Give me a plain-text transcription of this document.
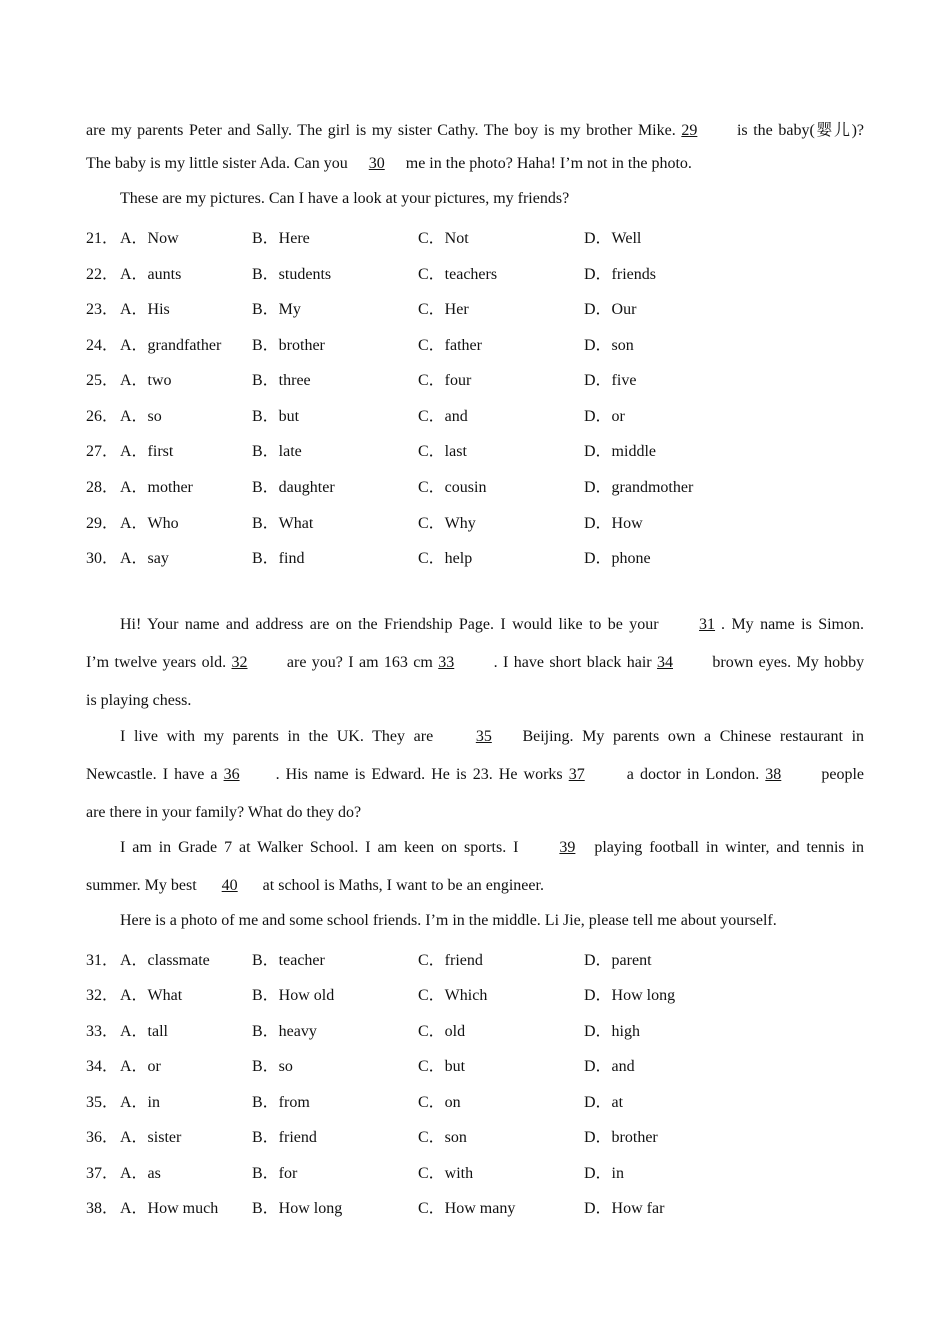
are my parents Peter and Sally. The girl is my sister Cathy. The boy is my brother Mike. 29 is the baby(婴儿)?

The baby is my little sister Ada. Can you 30 me in the photo? Haha! I’m not in the photo.

These are my pictures. Can I have a look at your pictures, my friends?

21． A．Now	B．Here	C．Not	D．Well
22． A．aunts	B．students	C．teachers	D．friends
23． A．His	B．My	C．Her	D．Our
24． A．grandfather B．brother	C．father	D．son
25． A．two	B．three	C．four	D．five
26． A．so	B．but	C．and	D．or
27． A．first	B．late	C．last	D．middle
28． A．mother	B．daughter	C．cousin	D．grandmother
29． A．Who	B．What	C．Why	D．How
30． A．say	B．find	C．help	D．phone

Hi! Your name and address are on the Friendship Page. I would like to be your	31 . My name is Simon.

I’m twelve years old. 32 are you? I am 163 cm 33 . I have short black hair 34 brown eyes. My hobby

is playing chess.

I live with my parents in the UK. They are	35 Beijing. My parents own a Chinese restaurant in

Newcastle. I have a 36 . His name is Edward. He is 23. He works 37	a doctor in London. 38	people

are there in your family? What do they do?

I am in Grade 7 at Walker School. I am keen on sports. I	39 playing football in winter, and tennis in

summer. My best 40 at school is Maths, I want to be an engineer.

Here is a photo of me and some school friends. I’m in the middle. Li Jie, please tell me about yourself.

31． A．classmate	B．teacher	C．friend	D．parent
32． A．What	B．How old	C．Which	D．How long
33． A．tall	B．heavy	C．old	D．high
34． A．or	B．so	C．but	D．and
35． A．in	B．from	C．on	D．at
36． A．sister	B．friend	C．son	D．brother
37． A．as	B．for	C．with	D．in
38． A．How much B．How long	C．How many	D．How far
